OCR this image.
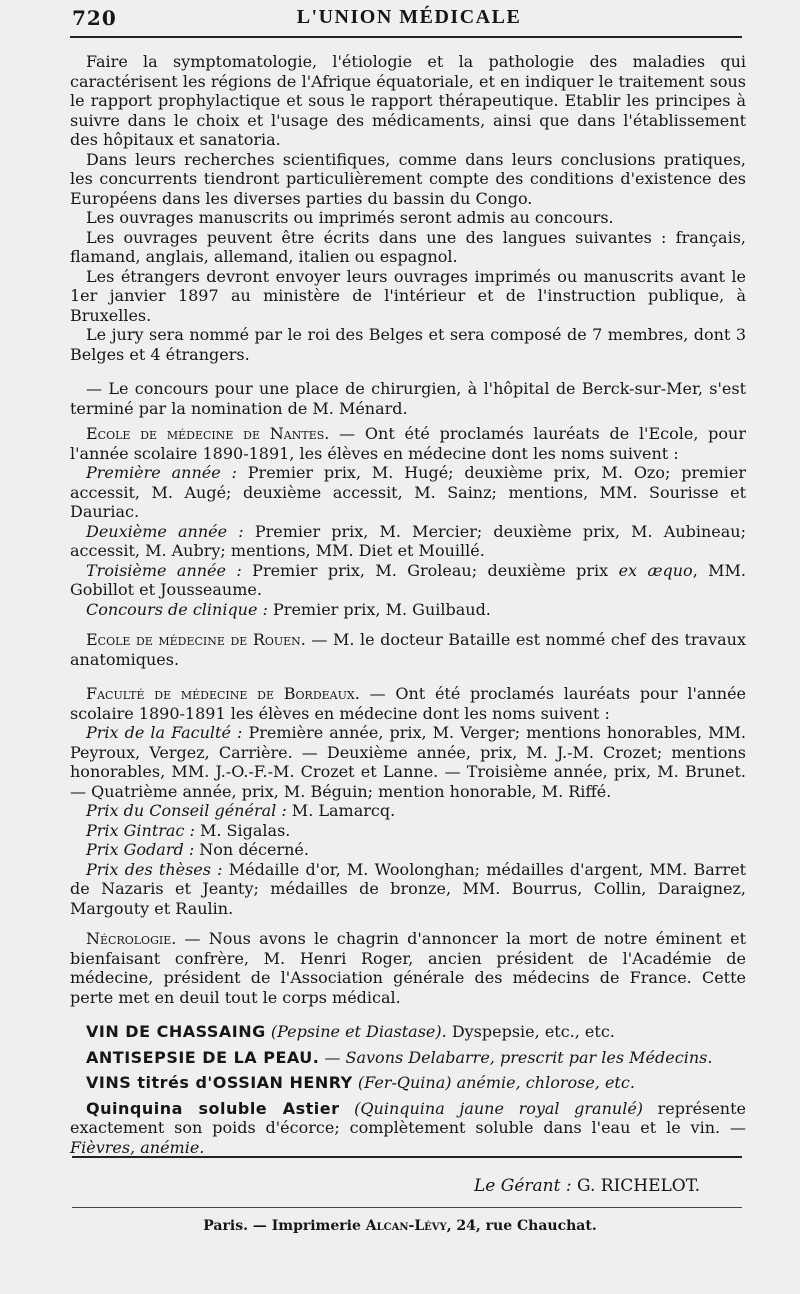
720	L'UNION MÉDICALE

Faire la symptomatologie, l'étiologie et la pathologie des maladies qui caractérisent les régions de l'Afrique équatoriale, et en indiquer le traitement sous le rapport prophylactique et sous le rapport thérapeutique. Etablir les principes à suivre dans le choix et l'usage des médicaments, ainsi que dans l'établissement des hôpitaux et sanatoria.

Dans leurs recherches scientifiques, comme dans leurs conclusions pratiques, les concurrents tiendront particulièrement compte des conditions d'existence des Européens dans les diverses parties du bassin du Congo.

Les ouvrages manuscrits ou imprimés seront admis au concours.

Les ouvrages peuvent être écrits dans une des langues suivantes : français, flamand, anglais, allemand, italien ou espagnol.

Les étrangers devront envoyer leurs ouvrages imprimés ou manuscrits avant le 1er janvier 1897 au ministère de l'intérieur et de l'instruction publique, à Bruxelles.

Le jury sera nommé par le roi des Belges et sera composé de 7 membres, dont 3 Belges et 4 étrangers.

— Le concours pour une place de chirurgien, à l'hôpital de Berck-sur-Mer, s'est terminé par la nomination de M. Ménard.

Ecole de médecine de Nantes. — Ont été proclamés lauréats de l'Ecole, pour l'année scolaire 1890-1891, les élèves en médecine dont les noms suivent :

Première année : Premier prix, M. Hugé; deuxième prix, M. Ozo; premier accessit, M. Augé; deuxième accessit, M. Sainz; mentions, MM. Sourisse et Dauriac.

Deuxième année : Premier prix, M. Mercier; deuxième prix, M. Aubineau; accessit, M. Aubry; mentions, MM. Diet et Mouillé.

Troisième année : Premier prix, M. Groleau; deuxième prix ex æquo, MM. Gobillot et Jousseaume.

Concours de clinique : Premier prix, M. Guilbaud.

Ecole de médecine de Rouen. — M. le docteur Bataille est nommé chef des travaux anatomiques.

Faculté de médecine de Bordeaux. — Ont été proclamés lauréats pour l'année scolaire 1890-1891 les élèves en médecine dont les noms suivent :

Prix de la Faculté : Première année, prix, M. Verger; mentions honorables, MM. Peyroux, Vergez, Carrière. — Deuxième année, prix, M. J.-M. Crozet; mentions honorables, MM. J.-O.-F.-M. Crozet et Lanne. — Troisième année, prix, M. Brunet. — Quatrième année, prix, M. Béguin; mention honorable, M. Riffé.

Prix du Conseil général : M. Lamarcq.

Prix Gintrac : M. Sigalas.

Prix Godard : Non décerné.

Prix des thèses : Médaille d'or, M. Woolonghan; médailles d'argent, MM. Barret de Nazaris et Jeanty; médailles de bronze, MM. Bourrus, Collin, Daraignez, Margouty et Raulin.

Nécrologie. — Nous avons le chagrin d'annoncer la mort de notre éminent et bienfaisant confrère, M. Henri Roger, ancien président de l'Académie de médecine, président de l'Association générale des médecins de France. Cette perte met en deuil tout le corps médical.

VIN DE CHASSAING (Pepsine et Diastase). Dyspepsie, etc., etc.

ANTISEPSIE DE LA PEAU. — Savons Delabarre, prescrit par les Médecins.

VINS titrés d'OSSIAN HENRY (Fer-Quina) anémie, chlorose, etc.

Quinquina soluble Astier (Quinquina jaune royal granulé) représente exactement son poids d'écorce; complètement soluble dans l'eau et le vin. — Fièvres, anémie.

Le Gérant : G. RICHELOT.
Paris. — Imprimerie Alcan-Lévy, 24, rue Chauchat.
